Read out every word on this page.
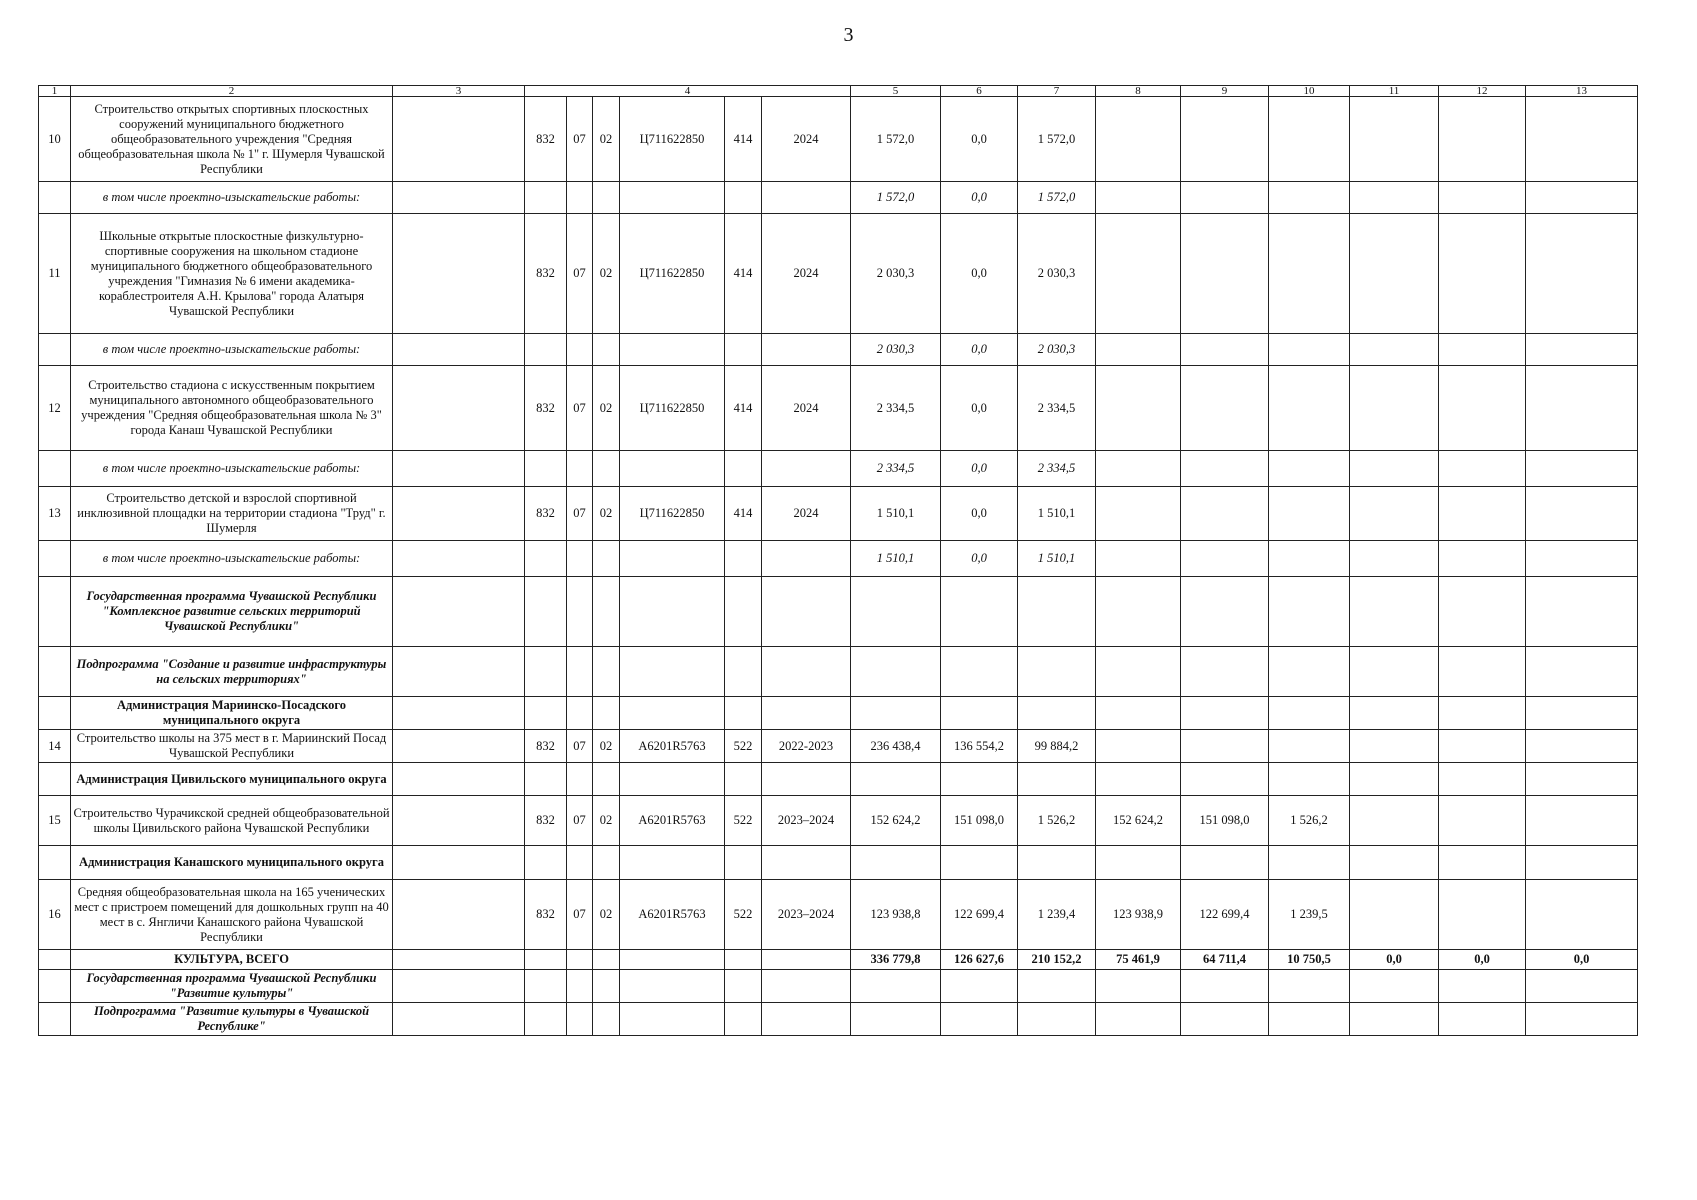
3
1	2	3	4						5	6	7	8	9	10	11	12	13	
10	Строительство открытых спортивных плоскостных сооружений муниципального бюджетного общеобразовательного учреждения "Средняя общеобразовательная школа № 1" г. Шумерля Чувашской Республики		832	07	02	Ц711622850	414	2024	1 572,0	0,0	1 572,0							
	в том числе проектно-изыскательские работы:								1 572,0	0,0	1 572,0							
11	Школьные открытые плоскостные физкультурно-спортивные сооружения на школьном стадионе муниципального бюджетного общеобразовательного учреждения "Гимназия № 6 имени академика-кораблестроителя А.Н. Крылова" города Алатыря Чувашской Республики		832	07	02	Ц711622850	414	2024	2 030,3	0,0	2 030,3							
	в том числе проектно-изыскательские работы:								2 030,3	0,0	2 030,3							
12	Строительство стадиона с искусственным покрытием муниципального автономного общеобразовательного учреждения "Средняя общеобразовательная школа № 3" города Канаш Чувашской Республики		832	07	02	Ц711622850	414	2024	2 334,5	0,0	2 334,5							
	в том числе проектно-изыскательские работы:								2 334,5	0,0	2 334,5							
13	Строительство детской и взрослой спортивной инклюзивной площадки на территории стадиона "Труд" г. Шумерля		832	07	02	Ц711622850	414	2024	1 510,1	0,0	1 510,1							
	в том числе проектно-изыскательские работы:								1 510,1	0,0	1 510,1							
	Государственная программа Чувашской Республики "Комплексное развитие сельских территорий Чувашской Республики"																	
	Подпрограмма "Создание и развитие инфраструктуры на сельских территориях"																	
	Администрация Мариинско-Посадского муниципального округа																	
14	Строительство школы на 375 мест в г. Мариинский Посад Чувашской Республики		832	07	02	А6201R5763	522	2022-2023	236 438,4	136 554,2	99 884,2							
	Администрация Цивильского муниципального округа																	
15	Строительство Чурачикской средней общеобразовательной школы Цивильского района Чувашской Республики		832	07	02	А6201R5763	522	2023–2024	152 624,2	151 098,0	1 526,2	152 624,2	151 098,0	1 526,2				
	Администрация Канашского муниципального округа																	
16	Средняя общеобразовательная школа на 165 ученических мест с пристроем помещений для дошкольных групп на 40 мест в с. Янгличи Канашского района Чувашской Республики		832	07	02	А6201R5763	522	2023–2024	123 938,8	122 699,4	1 239,4	123 938,9	122 699,4	1 239,5				
	КУЛЬТУРА, ВСЕГО								336 779,8	126 627,6	210 152,2	75 461,9	64 711,4	10 750,5	0,0	0,0	0,0	
	Государственная программа Чувашской Республики "Развитие культуры"																	
	Подпрограмма "Развитие культуры в Чувашской Республике"																	
